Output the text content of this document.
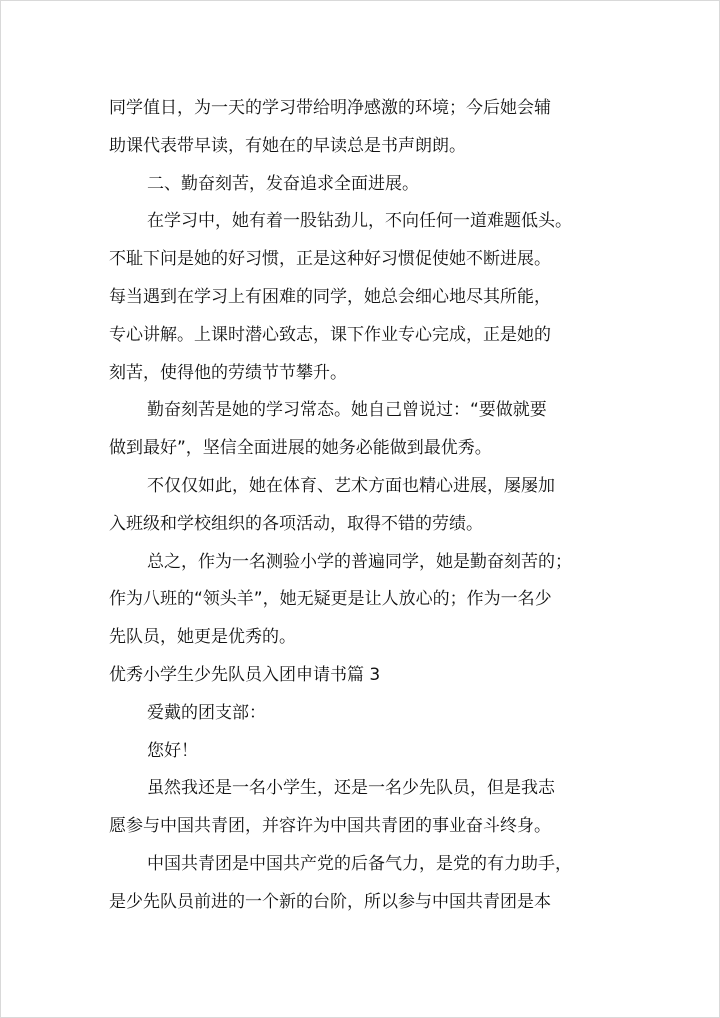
同学值日，为一天的学习带给明净感激的环境；今后她会辅
助课代表带早读，有她在的早读总是书声朗朗。
二、勤奋刻苦，发奋追求全面进展。
在学习中，她有着一股钻劲儿，不向任何一道难题低头。
不耻下问是她的好习惯，正是这种好习惯促使她不断进展。
每当遇到在学习上有困难的同学，她总会细心地尽其所能，
专心讲解。上课时潜心致志，课下作业专心完成，正是她的
刻苦，使得他的劳绩节节攀升。
勤奋刻苦是她的学习常态。她自己曾说过：“要做就要
做到最好”，坚信全面进展的她务必能做到最优秀。
不仅仅如此，她在体育、艺术方面也精心进展，屡屡加
入班级和学校组织的各项活动，取得不错的劳绩。
总之，作为一名测验小学的普遍同学，她是勤奋刻苦的；
作为八班的“领头羊”，她无疑更是让人放心的；作为一名少
先队员，她更是优秀的。
优秀小学生少先队员入团申请书篇 3
爱戴的团支部：
您好！
虽然我还是一名小学生，还是一名少先队员，但是我志
愿参与中国共青团，并容许为中国共青团的事业奋斗终身。
中国共青团是中国共产党的后备气力，是党的有力助手，
是少先队员前进的一个新的台阶，所以参与中国共青团是本
